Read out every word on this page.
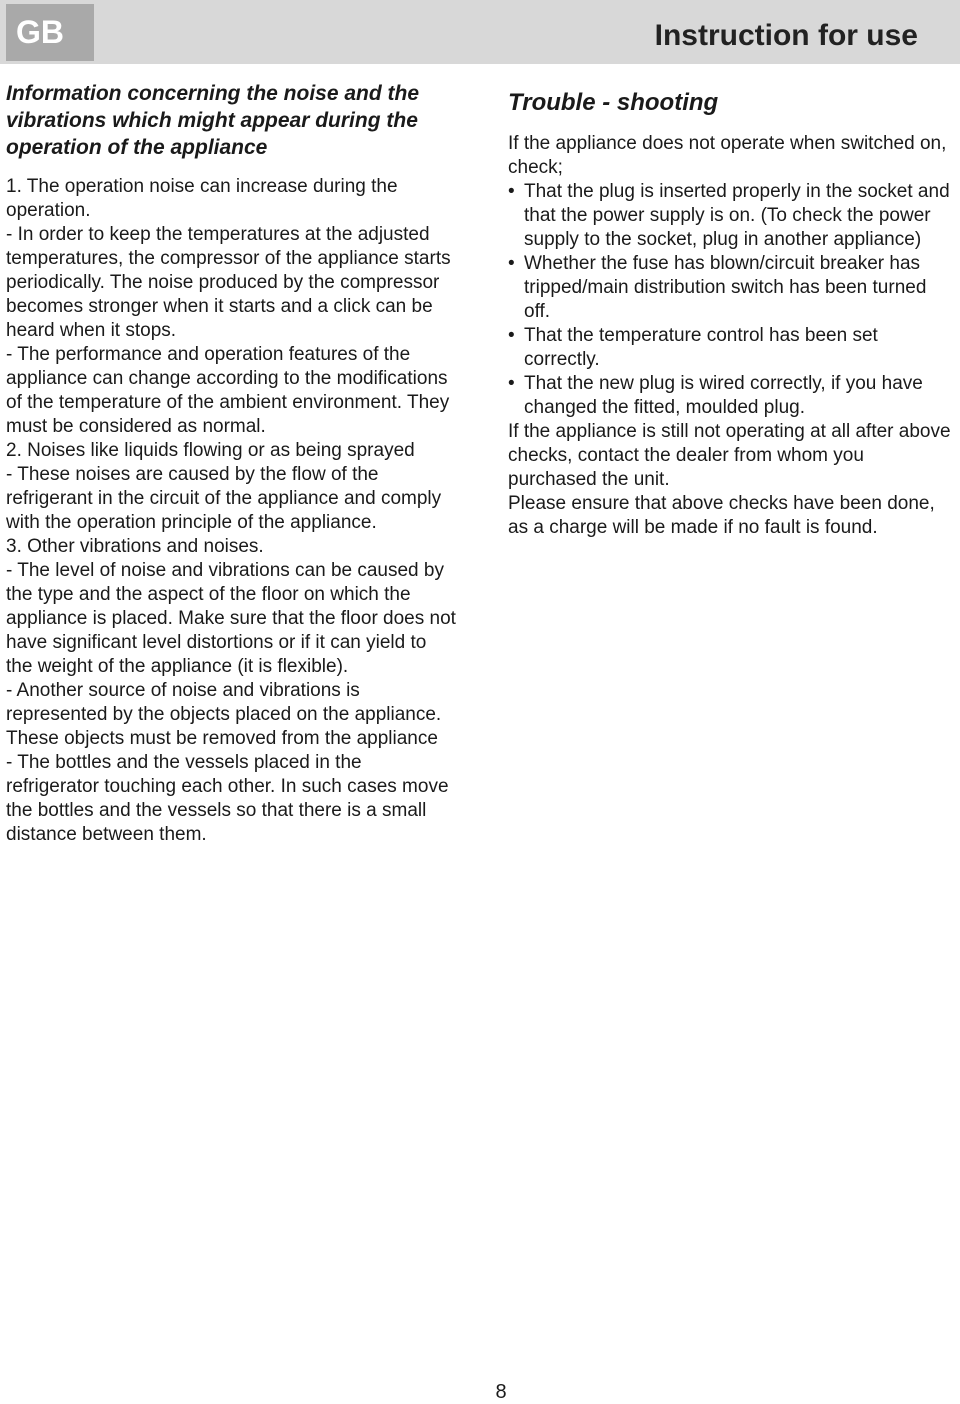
GB	Instruction for use

Information concerning the noise and the vibrations which might appear during the operation of the appliance

1. The operation noise can increase during the operation.

- In order to keep the temperatures at the adjusted temperatures, the compressor of the appliance starts periodically. The noise produced by the compressor becomes stronger when it starts and a click can be heard when it stops.

- The performance and operation features of the appliance can change according to the modifications of the temperature of the ambient environment. They must be considered as normal.

2. Noises like liquids flowing or as being sprayed

- These noises are caused by the flow of the refrigerant in the circuit of the appliance and comply with the operation principle of the appliance.

3. Other vibrations and noises.

- The level of noise and vibrations can be caused by the type and the aspect of the floor on which the appliance is placed. Make sure that the floor does not have significant level distortions or if it can yield to the weight of the appliance (it is flexible).

- Another source of noise and vibrations is represented by the objects placed on the appliance. These objects must be removed from the appliance

- The bottles and the vessels placed in the refrigerator touching each other. In such cases move the bottles and the vessels so that there is a small distance between them.

Trouble - shooting

If the appliance does not operate when switched on, check;

• That the plug is inserted properly in the socket and that the power supply is on. (To check the power supply to the socket, plug in another appliance)

• Whether the fuse has blown/circuit breaker has tripped/main distribution switch has been turned off.

• That the temperature control has been set correctly.

• That the new plug is wired correctly, if you have changed the fitted, moulded plug.

If the appliance is still not operating at all after above checks, contact the dealer from whom you purchased the unit.

Please ensure that above checks have been done, as a charge will be made if no fault is found.

8
